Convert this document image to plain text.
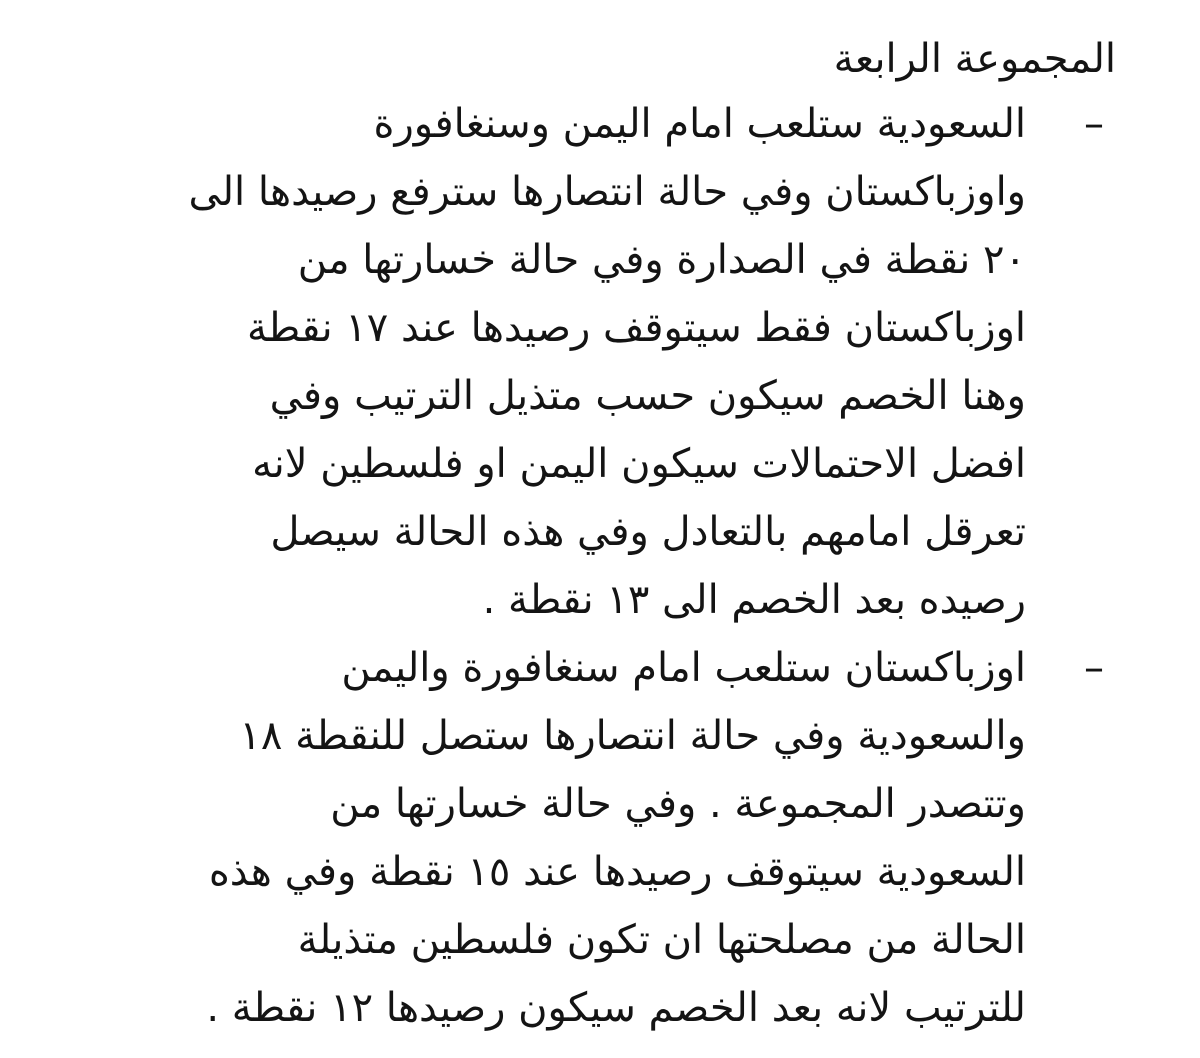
المجموعة الرابعة
–
السعودية ستلعب امام اليمن وسنغافورة
واوزباكستان وفي حالة انتصارها سترفع رصيدها الى
٢٠ نقطة في الصدارة وفي حالة خسارتها من
اوزباكستان فقط سيتوقف رصيدها عند ١٧ نقطة
وهنا الخصم سيكون حسب متذيل الترتيب وفي
افضل الاحتمالات سيكون اليمن او فلسطين لانه
تعرقل امامهم بالتعادل وفي هذه الحالة سيصل
رصيده بعد الخصم الى ١٣ نقطة .
–
اوزباكستان ستلعب امام سنغافورة واليمن
والسعودية وفي حالة انتصارها ستصل للنقطة ١٨
وتتصدر المجموعة . وفي حالة خسارتها من
السعودية سيتوقف رصيدها عند ١٥ نقطة وفي هذه
الحالة من مصلحتها ان تكون فلسطين متذيلة
للترتيب لانه بعد الخصم سيكون رصيدها ١٢ نقطة .
